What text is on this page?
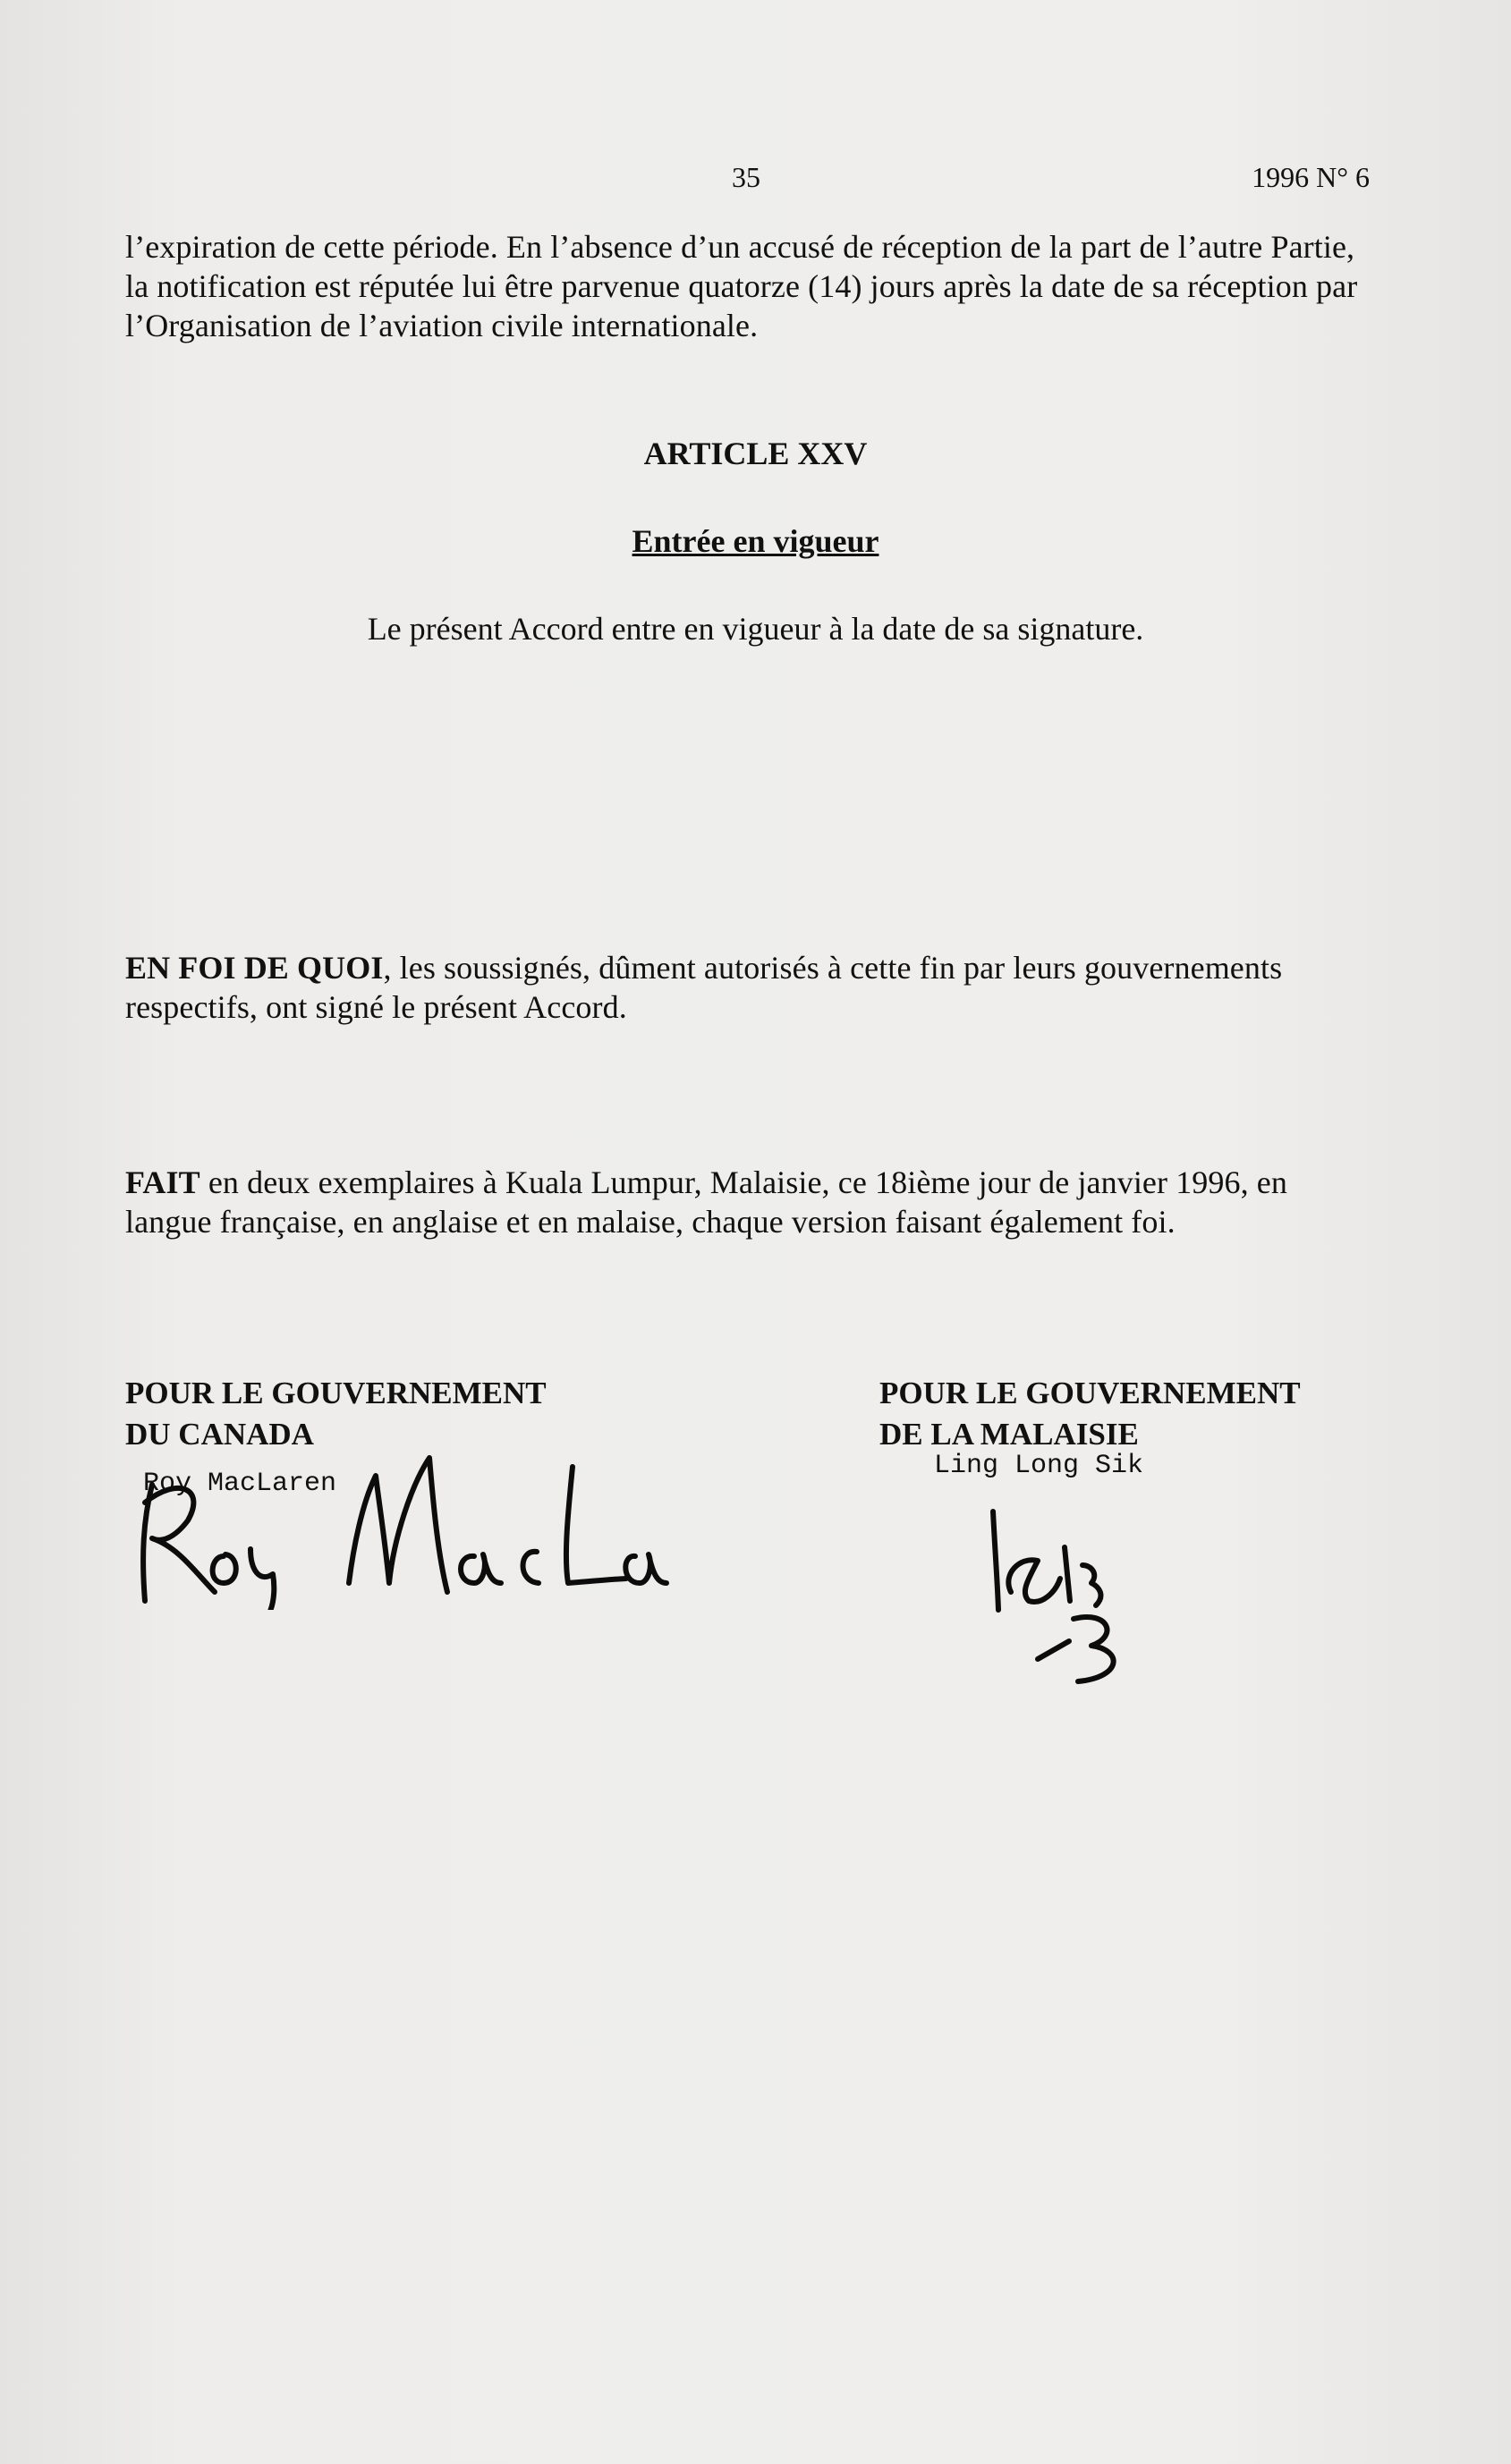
35	1996 N° 6
l’expiration de cette période. En l’absence d’un accusé de réception de la part de l’autre Partie, la notification est réputée lui être parvenue quatorze (14) jours après la date de sa réception par l’Organisation de l’aviation civile internationale.
ARTICLE XXV
Entrée en vigueur
Le présent Accord entre en vigueur à la date de sa signature.
EN FOI DE QUOI, les soussignés, dûment autorisés à cette fin par leurs gouvernements respectifs, ont signé le présent Accord.
FAIT en deux exemplaires à Kuala Lumpur, Malaisie, ce 18ième jour de janvier 1996, en langue française, en anglaise et en malaise, chaque version faisant également foi.
POUR LE GOUVERNEMENT
DU CANADA
Roy MacLaren
POUR LE GOUVERNEMENT
DE LA MALAISIE
Ling Long Sik
